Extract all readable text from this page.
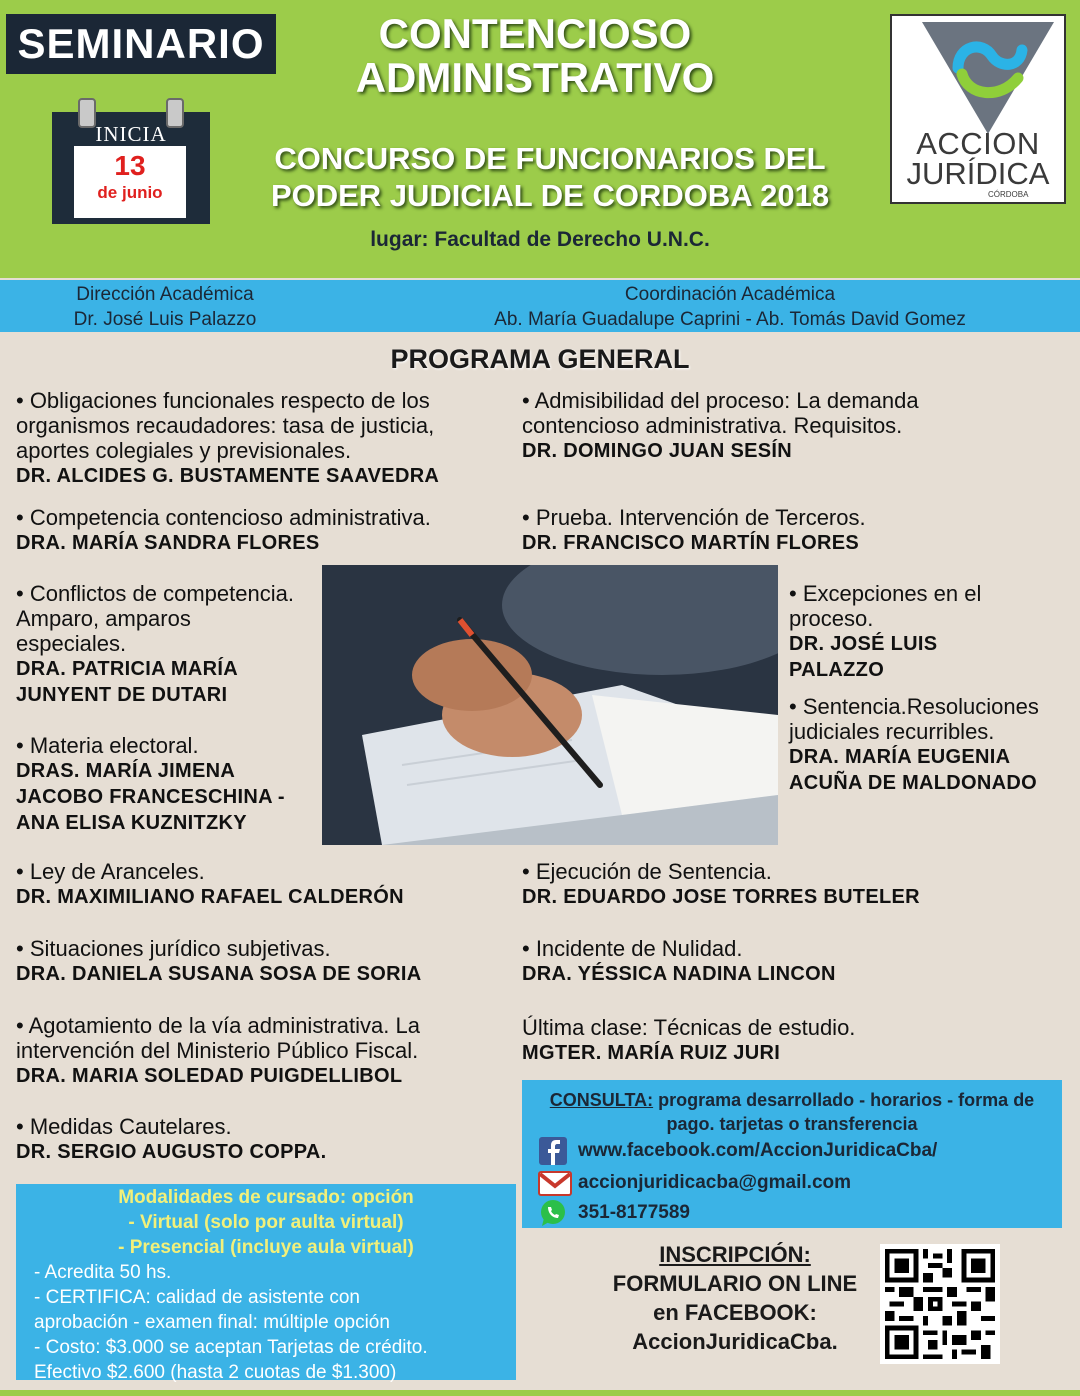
SEMINARIO
INICIA
13
de junio
CONTENCIOSO
ADMINISTRATIVO
CONCURSO DE FUNCIONARIOS DEL
PODER JUDICIAL DE CORDOBA 2018
lugar: Facultad de Derecho U.N.C.
ACCION
JURÍDICA
CÓRDOBA
Dirección Académica
Dr. José Luis Palazzo
Coordinación Académica
Ab. María Guadalupe Caprini - Ab. Tomás David Gomez
PROGRAMA GENERAL
• Obligaciones funcionales respecto de los organismos recaudadores: tasa de justicia, aportes colegiales y previsionales.
DR. ALCIDES G. BUSTAMENTE SAAVEDRA
• Competencia contencioso administrativa.
DRA. MARÍA SANDRA FLORES
• Conflictos de competencia. Amparo, amparos especiales.
DRA. PATRICIA MARÍA JUNYENT DE DUTARI
• Materia electoral.
DRAS. MARÍA JIMENA JACOBO FRANCESCHINA - ANA ELISA KUZNITZKY
• Ley de Aranceles.
DR. MAXIMILIANO RAFAEL CALDERÓN
• Situaciones jurídico subjetivas.
DRA. DANIELA SUSANA SOSA DE SORIA
• Agotamiento de la vía administrativa. La intervención del Ministerio Público Fiscal.
DRA. MARIA SOLEDAD PUIGDELLIBOL
• Medidas Cautelares.
DR. SERGIO AUGUSTO COPPA.
• Admisibilidad del proceso: La demanda contencioso administrativa. Requisitos.
DR. DOMINGO JUAN SESÍN
• Prueba. Intervención de Terceros.
DR. FRANCISCO MARTÍN FLORES
• Excepciones en el proceso.
DR. JOSÉ LUIS PALAZZO
• Sentencia.Resoluciones judiciales recurribles.
DRA. MARÍA EUGENIA ACUÑA DE MALDONADO
• Ejecución de Sentencia.
DR. EDUARDO JOSE TORRES BUTELER
• Incidente de Nulidad.
DRA. YÉSSICA NADINA LINCON
Última clase: Técnicas de estudio.
MGTER. MARÍA RUIZ JURI
CONSULTA: programa desarrollado - horarios - forma de pago. tarjetas o transferencia
www.facebook.com/AccionJuridicaCba/
accionjuridicacba@gmail.com
351-8177589
INSCRIPCIÓN:
FORMULARIO ON LINE
en FACEBOOK:
AccionJuridicaCba.
Modalidades de cursado: opción
- Virtual (solo por aulta virtual)
- Presencial (incluye aula virtual)
- Acredita 50 hs.
- CERTIFICA: calidad de asistente con
aprobación - examen final: múltiple opción
- Costo: $3.000 se aceptan Tarjetas de crédito.
Efectivo $2.600 (hasta 2 cuotas de $1.300)
